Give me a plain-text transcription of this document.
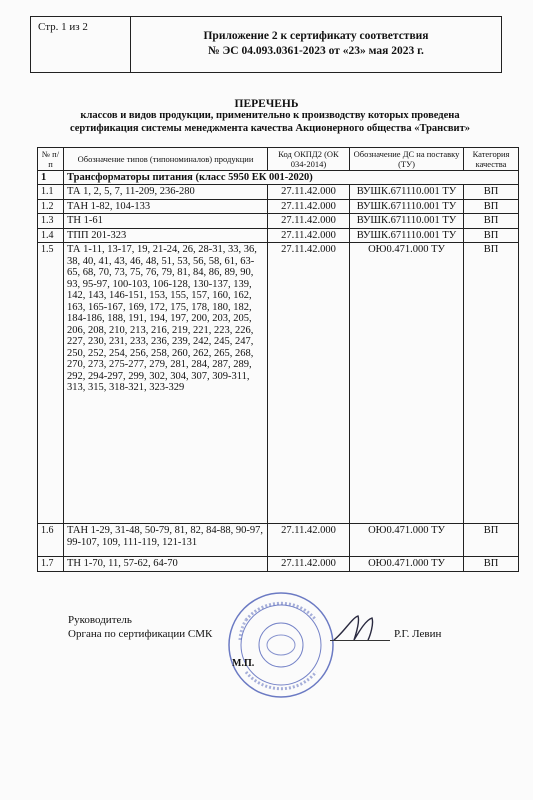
Стр. 1 из 2
Приложение 2 к сертификату соответствия
№ ЭС 04.093.0361-2023 от «23» мая 2023 г.
ПЕРЕЧЕНЬ
классов и видов продукции, применительно к производству которых проведена сертификация системы менеджмента качества Акционерного общества «Трансвит»
№ п/п	Обозначение типов (типономиналов) продукции	Код ОКПД2 (ОК 034-2014)	Обозначение ДС на поставку (ТУ)	Категория качества
1	Трансформаторы питания (класс 5950 ЕК 001-2020)			
1.1	ТА 1, 2, 5, 7, 11-209, 236-280	27.11.42.000	ВУШК.671110.001 ТУ	ВП
1.2	ТАН 1-82, 104-133	27.11.42.000	ВУШК.671110.001 ТУ	ВП
1.3	ТН 1-61	27.11.42.000	ВУШК.671110.001 ТУ	ВП
1.4	ТПП 201-323	27.11.42.000	ВУШК.671110.001 ТУ	ВП
1.5	ТА 1-11, 13-17, 19, 21-24, 26, 28-31, 33, 36, 38, 40, 41, 43, 46, 48, 51, 53, 56, 58, 61, 63-65, 68, 70, 73, 75, 76, 79, 81, 84, 86, 89, 90, 93, 95-97, 100-103, 106-128, 130-137, 139, 142, 143, 146-151, 153, 155, 157, 160, 162, 163, 165-167, 169, 172, 175, 178, 180, 182, 184-186, 188, 191, 194, 197, 200, 203, 205, 206, 208, 210, 213, 216, 219, 221, 223, 226, 227, 230, 231, 233, 236, 239, 242, 245, 247, 250, 252, 254, 256, 258, 260, 262, 265, 268, 270, 273, 275-277, 279, 281, 284, 287, 289, 292, 294-297, 299, 302, 304, 307, 309-311, 313, 315, 318-321, 323-329	27.11.42.000	ОЮ0.471.000 ТУ	ВП
1.6	ТАН 1-29, 31-48, 50-79, 81, 82, 84-88, 90-97, 99-107, 109, 111-119, 121-131	27.11.42.000	ОЮ0.471.000 ТУ	ВП
1.7	ТН 1-70, 11, 57-62, 64-70	27.11.42.000	ОЮ0.471.000 ТУ	ВП
Руководитель
Органа по сертификации СМК	Р.Г. Левин
М.П.
